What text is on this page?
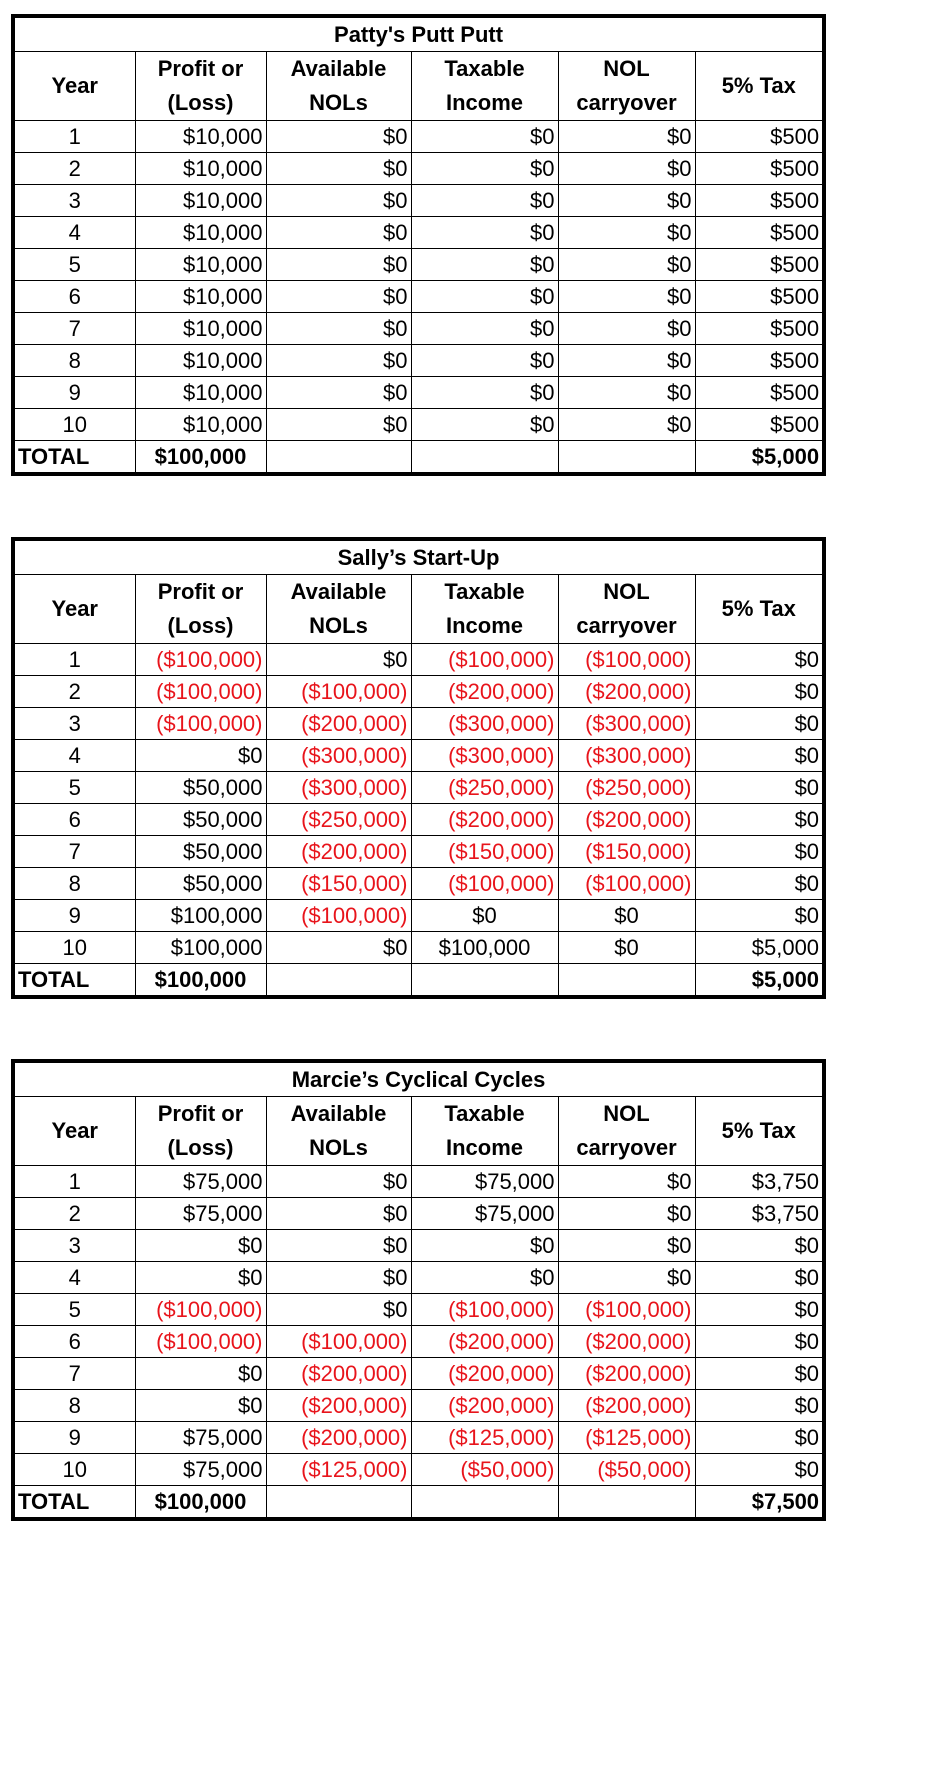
Patty's Putt Putt					
Year	Profit or (Loss)	Available NOLs	Taxable Income	NOL carryover	5% Tax
1	$10,000	$0	$0	$0	$500
2	$10,000	$0	$0	$0	$500
3	$10,000	$0	$0	$0	$500
4	$10,000	$0	$0	$0	$500
5	$10,000	$0	$0	$0	$500
6	$10,000	$0	$0	$0	$500
7	$10,000	$0	$0	$0	$500
8	$10,000	$0	$0	$0	$500
9	$10,000	$0	$0	$0	$500
10	$10,000	$0	$0	$0	$500
TOTAL	$100,000				$5,000
Sally’s Start-Up					
Year	Profit or (Loss)	Available NOLs	Taxable Income	NOL carryover	5% Tax
1	($100,000)	$0	($100,000)	($100,000)	$0
2	($100,000)	($100,000)	($200,000)	($200,000)	$0
3	($100,000)	($200,000)	($300,000)	($300,000)	$0
4	$0	($300,000)	($300,000)	($300,000)	$0
5	$50,000	($300,000)	($250,000)	($250,000)	$0
6	$50,000	($250,000)	($200,000)	($200,000)	$0
7	$50,000	($200,000)	($150,000)	($150,000)	$0
8	$50,000	($150,000)	($100,000)	($100,000)	$0
9	$100,000	($100,000)	$0	$0	$0
10	$100,000	$0	$100,000	$0	$5,000
TOTAL	$100,000				$5,000
Marcie’s Cyclical Cycles					
Year	Profit or (Loss)	Available NOLs	Taxable Income	NOL carryover	5% Tax
1	$75,000	$0	$75,000	$0	$3,750
2	$75,000	$0	$75,000	$0	$3,750
3	$0	$0	$0	$0	$0
4	$0	$0	$0	$0	$0
5	($100,000)	$0	($100,000)	($100,000)	$0
6	($100,000)	($100,000)	($200,000)	($200,000)	$0
7	$0	($200,000)	($200,000)	($200,000)	$0
8	$0	($200,000)	($200,000)	($200,000)	$0
9	$75,000	($200,000)	($125,000)	($125,000)	$0
10	$75,000	($125,000)	($50,000)	($50,000)	$0
TOTAL	$100,000				$7,500
